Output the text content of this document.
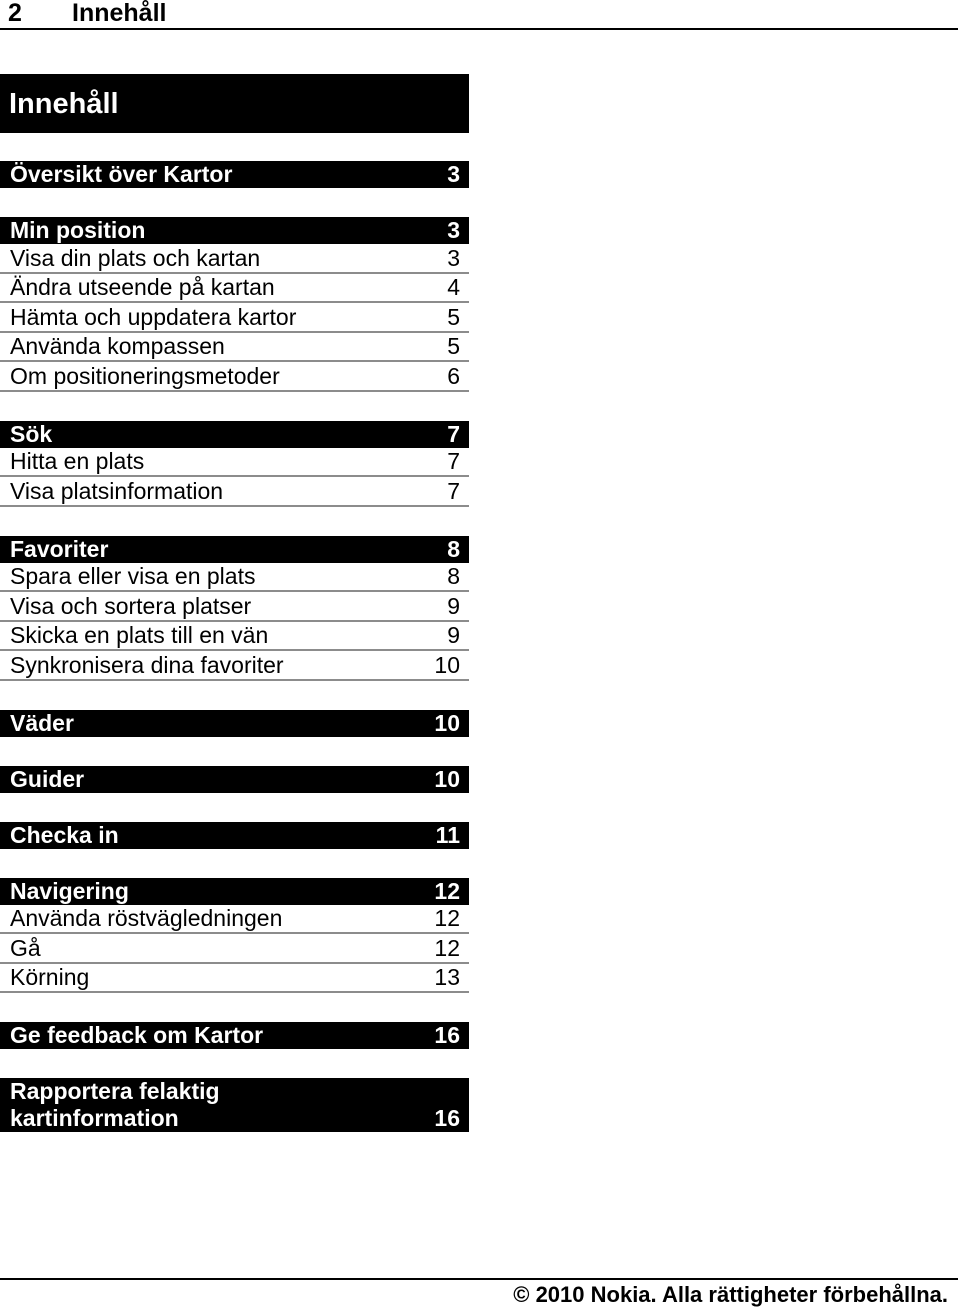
2 Innehåll
Innehåll
Översikt över Kartor	3
Min position	3
Visa din plats och kartan	3
Ändra utseende på kartan	4
Hämta och uppdatera kartor	5
Använda kompassen	5
Om positioneringsmetoder	6
Sök	7
Hitta en plats	7
Visa platsinformation	7
Favoriter	8
Spara eller visa en plats	8
Visa och sortera platser	9
Skicka en plats till en vän	9
Synkronisera dina favoriter	10
Väder	10
Guider	10
Checka in	11
Navigering	12
Använda röstvägledningen	12
Gå	12
Körning	13
Ge feedback om Kartor	16
Rapportera felaktig
kartinformation	16
© 2010 Nokia. Alla rättigheter förbehållna.
